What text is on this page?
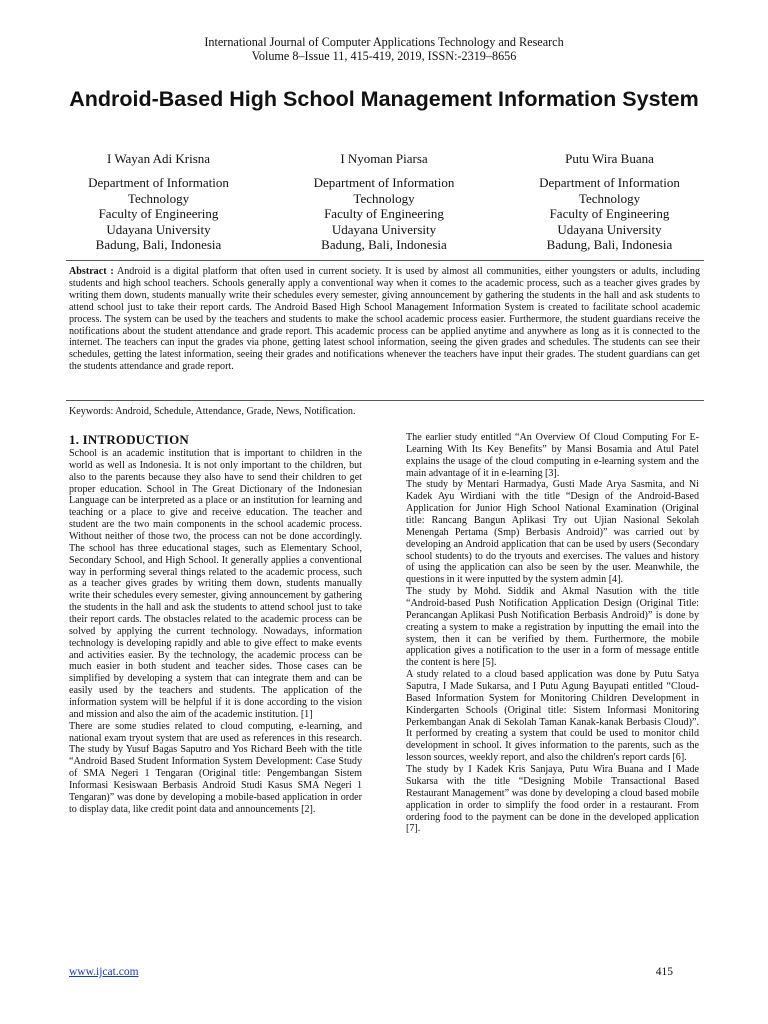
International Journal of Computer Applications Technology and Research
Volume 8–Issue 11, 415-419, 2019, ISSN:-2319–8656
Android-Based High School Management Information System
I Wayan Adi Krisna
Department of Information
Technology
Faculty of Engineering
Udayana University
Badung, Bali, Indonesia
I Nyoman Piarsa
Department of Information
Technology
Faculty of Engineering
Udayana University
Badung, Bali, Indonesia
Putu Wira Buana
Department of Information
Technology
Faculty of Engineering
Udayana University
Badung, Bali, Indonesia
Abstract : Android is a digital platform that often used in current society. It is used by almost all communities, either youngsters or adults, including students and high school teachers. Schools generally apply a conventional way when it comes to the academic process, such as a teacher gives grades by writing them down, students manually write their schedules every semester, giving announcement by gathering the students in the hall and ask students to attend school just to take their report cards. The Android Based High School Management Information System is created to facilitate school academic process. The system can be used by the teachers and students to make the school academic process easier. Furthermore, the student guardians receive the notifications about the student attendance and grade report. This academic process can be applied anytime and anywhere as long as it is connected to the internet. The teachers can input the grades via phone, getting latest school information, seeing the given grades and schedules. The students can see their schedules, getting the latest information, seeing their grades and notifications whenever the teachers have input their grades. The student guardians can get the students attendance and grade report.
Keywords: Android, Schedule, Attendance, Grade, News, Notification.
1. INTRODUCTION

School is an academic institution that is important to children in the world as well as Indonesia. It is not only important to the children, but also to the parents because they also have to send their children to get proper education. School in The Great Dictionary of the Indonesian Language can be interpreted as a place or an institution for learning and teaching or a place to give and receive education. The teacher and student are the two main components in the school academic process. Without neither of those two, the process can not be done accordingly. The school has three educational stages, such as Elementary School, Secondary School, and High School. It generally applies a conventional way in performing several things related to the academic process, such as a teacher gives grades by writing them down, students manually write their schedules every semester, giving announcement by gathering the students in the hall and ask the students to attend school just to take their report cards. The obstacles related to the academic process can be solved by applying the current technology. Nowadays, information technology is developing rapidly and able to give effect to make events and activities easier. By the technology, the academic process can be much easier in both student and teacher sides. Those cases can be simplified by developing a system that can integrate them and can be easily used by the teachers and students. The application of the information system will be helpful if it is done according to the vision and mission and also the aim of the academic institution. [1]

There are some studies related to cloud computing, e-learning, and national exam tryout system that are used as references in this research. The study by Yusuf Bagas Saputro and Yos Richard Beeh with the title “Android Based Student Information System Development: Case Study of SMA Negeri 1 Tengaran (Original title: Pengembangan Sistem Informasi Kesiswaan Berbasis Android Studi Kasus SMA Negeri 1 Tengaran)” was done by developing a mobile-based application in order to display data, like credit point data and announcements [2].

The earlier study entitled “An Overview Of Cloud Computing For E-Learning With Its Key Benefits” by Mansi Bosamia and Atul Patel explains the usage of the cloud computing in e-learning system and the main advantage of it in e-learning [3].

The study by Mentari Harmadya, Gusti Made Arya Sasmita, and Ni Kadek Ayu Wirdiani with the title “Design of the Android-Based Application for Junior High School National Examination (Original title: Rancang Bangun Aplikasi Try out Ujian Nasional Sekolah Menengah Pertama (Smp) Berbasis Android)” was carried out by developing an Android application that can be used by users (Secondary school students) to do the tryouts and exercises. The values and history of using the application can also be seen by the user. Meanwhile, the questions in it were inputted by the system admin [4].

The study by Mohd. Siddik and Akmal Nasution with the title “Android-based Push Notification Application Design (Original Title: Perancangan Aplikasi Push Notification Berbasis Android)” is done by creating a system to make a registration by inputting the email into the system, then it can be verified by them. Furthermore, the mobile application gives a notification to the user in a form of message entitle the content is here [5].

A study related to a cloud based application was done by Putu Satya Saputra, I Made Sukarsa, and I Putu Agung Bayupati entitled “Cloud-Based Information System for Monitoring Children Development in Kindergarten Schools (Original title: Sistem Informasi Monitoring Perkembangan Anak di Sekolah Taman Kanak-kanak Berbasis Cloud)”. It performed by creating a system that could be used to monitor child development in school. It gives information to the parents, such as the lesson sources, weekly report, and also the children's report cards [6].

The study by I Kadek Kris Sanjaya, Putu Wira Buana and I Made Sukarsa with the title “Designing Mobile Transactional Based Restaurant Management” was done by developing a cloud based mobile application in order to simplify the food order in a restaurant. From ordering food to the payment can be done in the developed application [7].

www.ijcat.com	415
